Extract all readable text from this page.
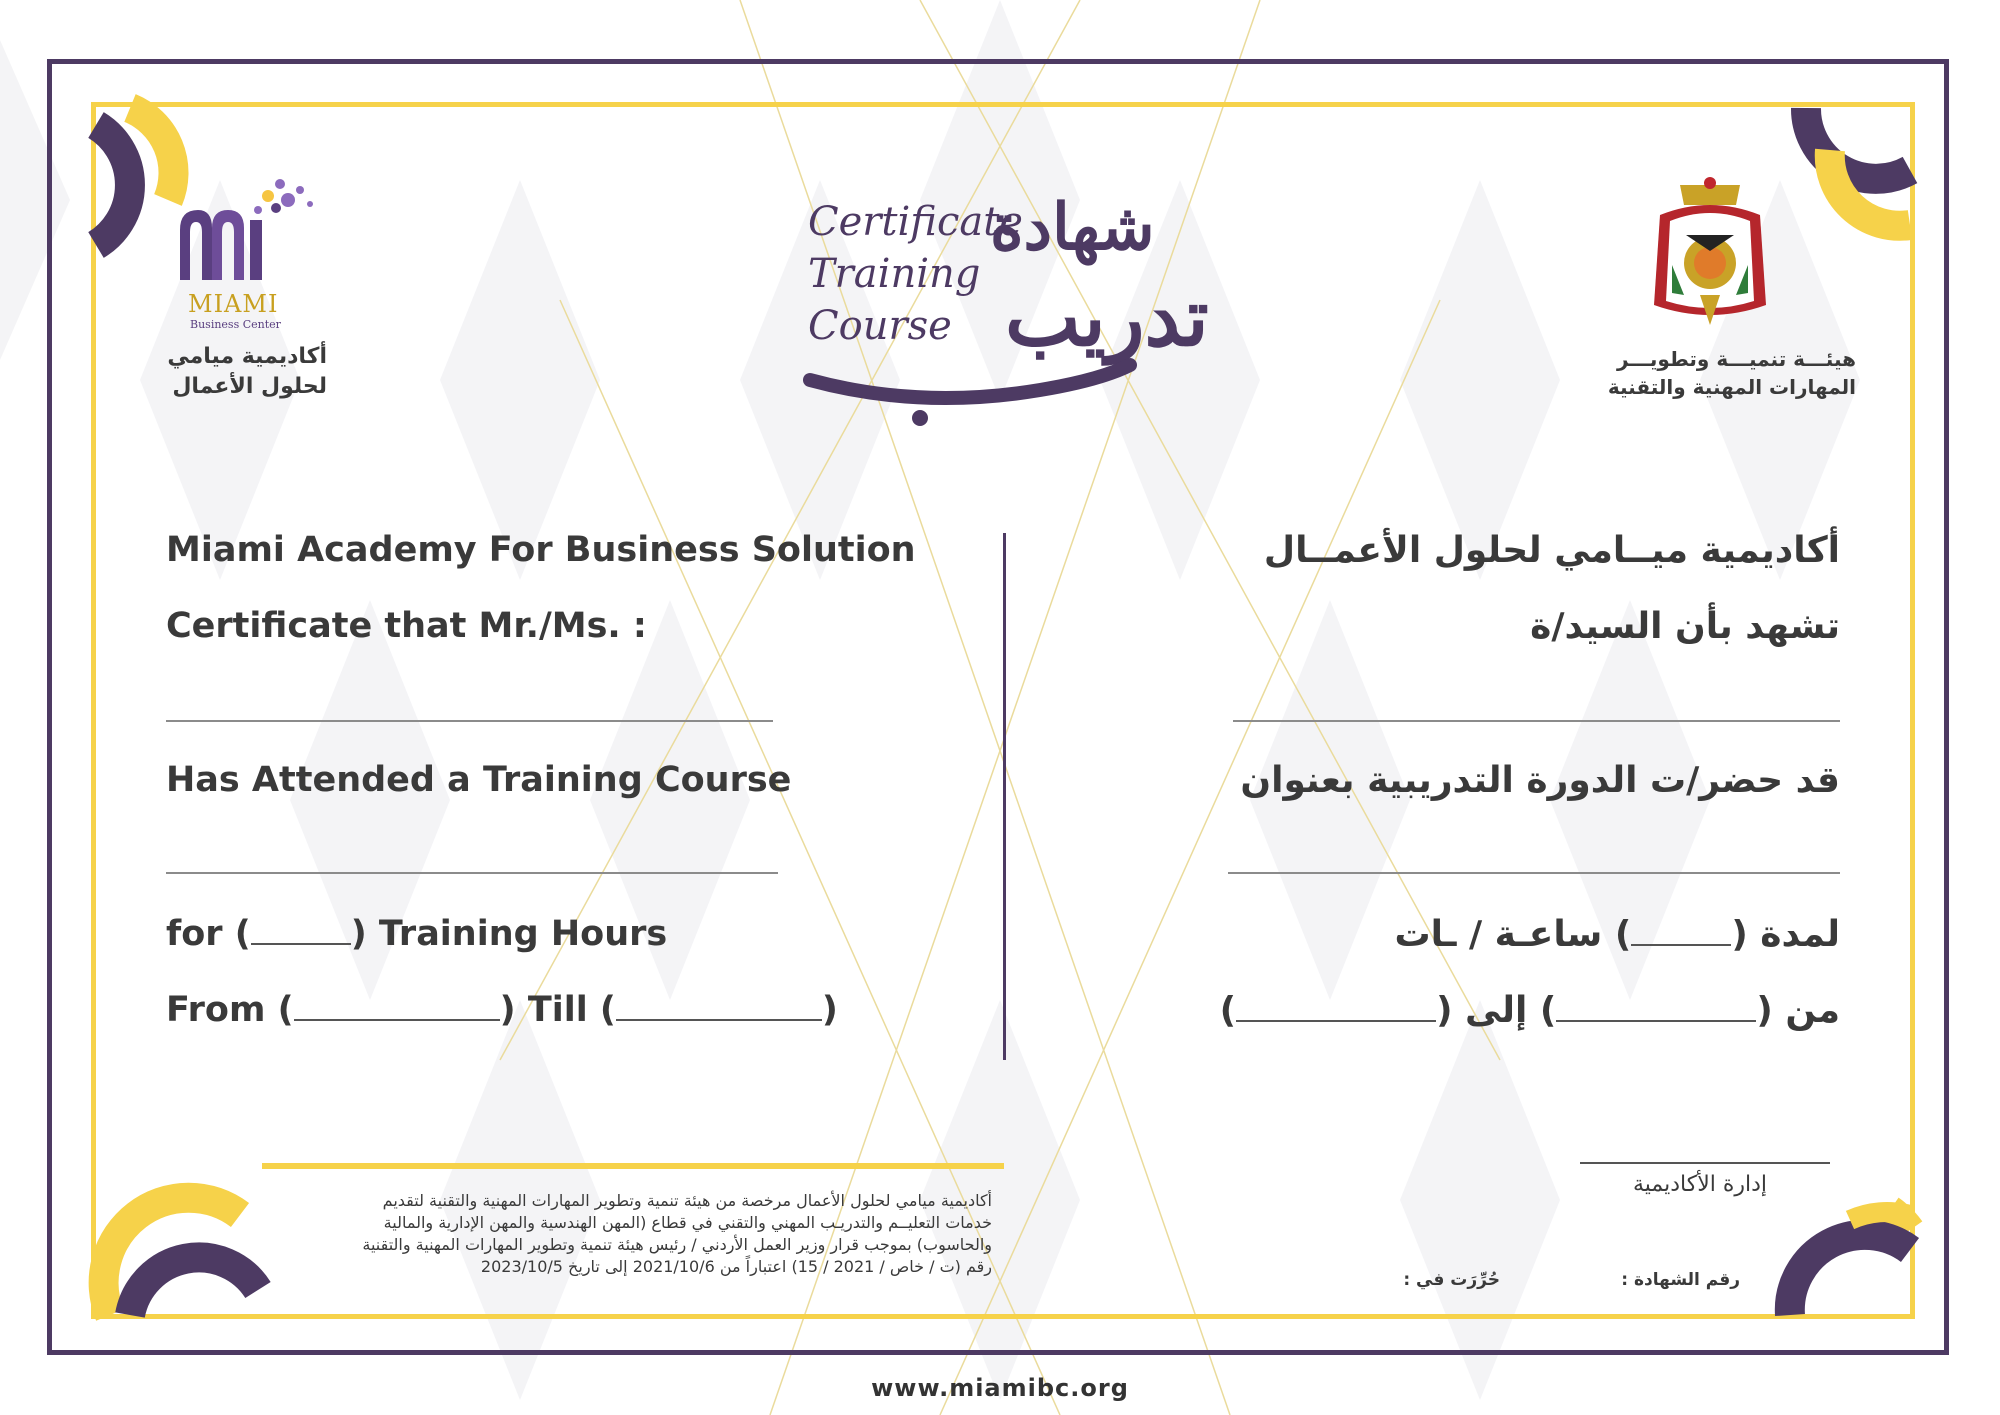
MIAMI
Business Center
أكاديمية ميامي
لحلول الأعمال
Certificate
Training
Course
شهادة
تدريب	هيئـــة تنميـــة وتطويـــر
المهارات المهنية والتقنية
Miami Academy For Business Solution
Certificate that Mr./Ms. :
Has Attended a Training Course
for (	) Training Hours
From (	) Till (	)
أكاديمية ميــامي لحلول الأعمــال
تشهد بأن السيد/ة
قد حضر/ت الدورة التدريبية بعنوان
لمدة () ساعـة / ـات
من () إلى ()
أكاديمية ميامي لحلول الأعمال مرخصة من هيئة تنمية وتطوير المهارات المهنية والتقنية لتقديم
خدمات التعليــم والتدريـب المهني والتقني في قطاع (المهن الهندسية والمهن الإدارية والمالية
والحاسوب) بموجب قرار وزير العمل الأردني / رئيس هيئة تنمية وتطوير المهارات المهنية والتقنية
رقم (ت / خاص / 2021 / 15) اعتباراً من 2021/10/6 إلى تاريخ 2023/10/5
إدارة الأكاديمية
رقم الشهادة :
حُرِّرَت في :
www.miamibc.org
